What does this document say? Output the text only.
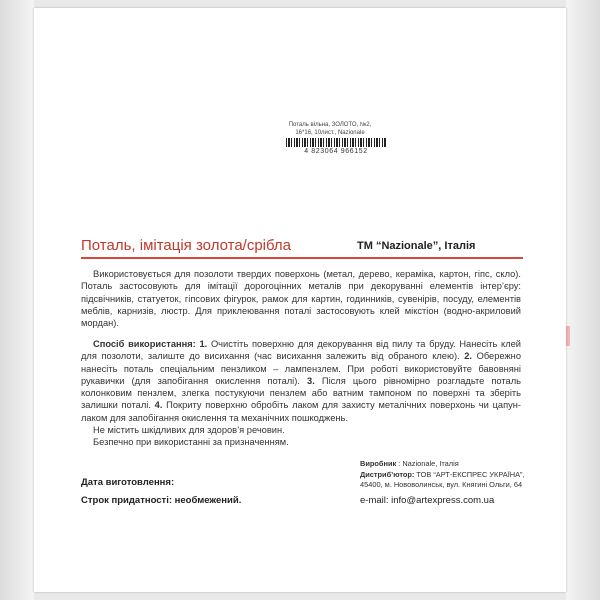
Поталь вільна, ЗОЛОТО, №2,
16*16, 10лист., Nazionale
4 823064 966152
Поталь, імітація золота/срібла	ТМ “Nazionale”, Італія

Використовується для позолоти твердих поверхонь (метал, дерево, кераміка, картон, гіпс, скло). Поталь застосовують для імітації дорогоцінних металів при декоруванні елементів інтер’єру: підсвічників, статуеток, гіпсових фігурок, рамок для картин, годинників, сувенірів, посуду, елементів меблів, карнизів, люстр. Для приклеювання поталі застосовують клей мікстіон (водно-акриловий мордан).

Спосіб використання: 1. Очистіть поверхню для декорування від пилу та бруду. Нанесіть клей для позолоти, залиште до висихання (час висихання залежить від обраного клею). 2. Обережно нанесіть поталь спеціальним пензликом – лампензлем. При роботі використовуйте бавовняні рукавички (для запобігання окислення поталі). 3. Після цього рівномірно розгладьте поталь колонковим пензлем, злегка постукуючи пензлем або ватним тампоном по поверхні та зберіть залишки поталі. 4. Покриту поверхню обробіть лаком для захисту металічних поверхонь чи цапун-лаком для запобігання окислення та механічних пошкоджень.

Не містить шкідливих для здоров’я речовин.
Безпечно при використанні за призначенням.
Виробник : Nazionale, Італія
Дистриб’ютор: ТОВ “АРТ-ЕКСПРЕС УКРАЇНА”,
45400, м. Нововолинськ, вул. Княгині Ольги, 64
Дата виготовлення:
Строк придатності: необмежений.	e-mail: info@artexpress.com.ua
